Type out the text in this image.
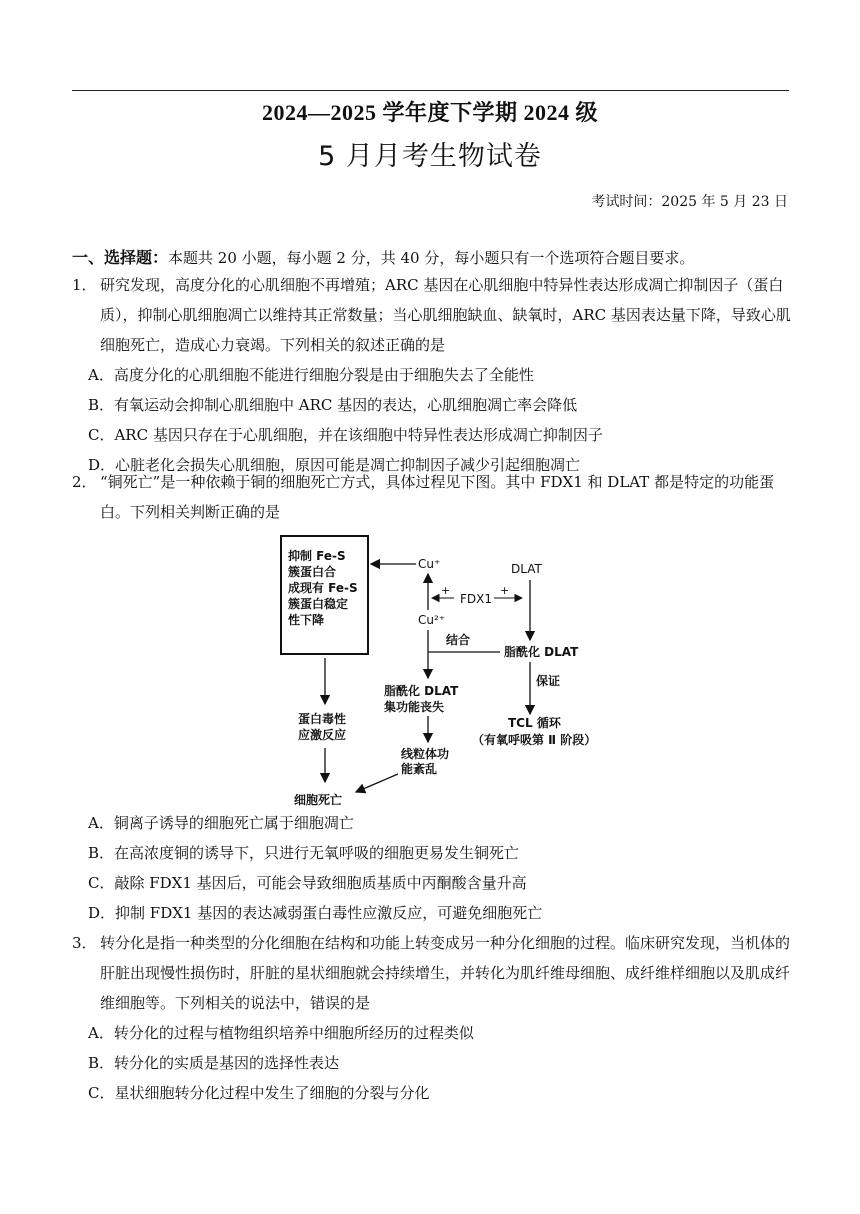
2024—2025 学年度下学期 2024 级
5 月月考生物试卷
考试时间：2025 年 5 月 23 日
一、选择题：本题共 20 小题，每小题 2 分，共 40 分，每小题只有一个选项符合题目要求。
1． 研究发现，高度分化的心肌细胞不再增殖；ARC 基因在心肌细胞中特异性表达形成凋亡抑制因子（蛋白质），抑制心肌细胞凋亡以维持其正常数量；当心肌细胞缺血、缺氧时，ARC 基因表达量下降，导致心肌细胞死亡，造成心力衰竭。下列相关的叙述正确的是
A．高度分化的心肌细胞不能进行细胞分裂是由于细胞失去了全能性
B．有氧运动会抑制心肌细胞中 ARC 基因的表达，心肌细胞凋亡率会降低
C．ARC 基因只存在于心肌细胞，并在该细胞中特异性表达形成凋亡抑制因子
D．心脏老化会损失心肌细胞，原因可能是凋亡抑制因子减少引起细胞凋亡
2． “铜死亡”是一种依赖于铜的细胞死亡方式，具体过程见下图。其中 FDX1 和 DLAT 都是特定的功能蛋白。下列相关判断正确的是
抑制 Fe-S
簇蛋白合
成现有 Fe-S
簇蛋白稳定
性下降
Cu⁺
Cu²⁺
+
FDX1
+
DLAT
脂酰化 DLAT
结合
保证
TCL 循环
（有氧呼吸第 Ⅱ 阶段）
脂酰化 DLAT
集功能丧失
线粒体功
能紊乱
蛋白毒性
应激反应
细胞死亡
A．铜离子诱导的细胞死亡属于细胞凋亡
B．在高浓度铜的诱导下，只进行无氧呼吸的细胞更易发生铜死亡
C．敲除 FDX1 基因后，可能会导致细胞质基质中丙酮酸含量升高
D．抑制 FDX1 基因的表达减弱蛋白毒性应激反应，可避免细胞死亡
3． 转分化是指一种类型的分化细胞在结构和功能上转变成另一种分化细胞的过程。临床研究发现，当机体的肝脏出现慢性损伤时，肝脏的星状细胞就会持续增生，并转化为肌纤维母细胞、成纤维样细胞以及肌成纤维细胞等。下列相关的说法中，错误的是
A．转分化的过程与植物组织培养中细胞所经历的过程类似
B．转分化的实质是基因的选择性表达
C．星状细胞转分化过程中发生了细胞的分裂与分化
